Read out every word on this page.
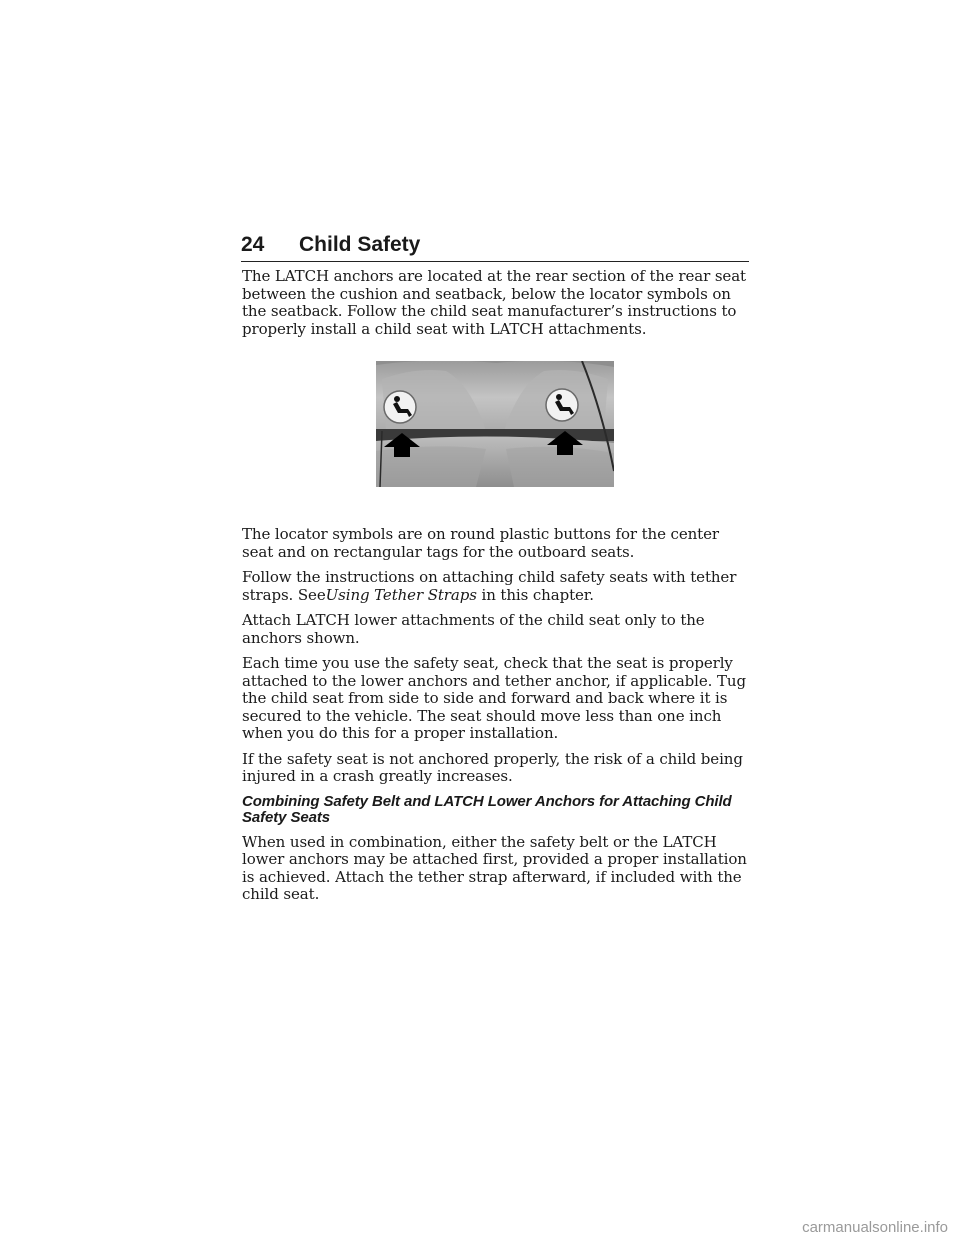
24 Child Safety

The LATCH anchors are located at the rear section of the rear seat between the cushion and seatback, below the locator symbols on the seatback. Follow the child seat manufacturer’s instructions to properly install a child seat with LATCH attachments.

The locator symbols are on round plastic buttons for the center seat and on rectangular tags for the outboard seats.

Follow the instructions on attaching child safety seats with tether straps. SeeUsing Tether Straps in this chapter.

Attach LATCH lower attachments of the child seat only to the anchors shown.

Each time you use the safety seat, check that the seat is properly attached to the lower anchors and tether anchor, if applicable. Tug the child seat from side to side and forward and back where it is secured to the vehicle. The seat should move less than one inch when you do this for a proper installation.

If the safety seat is not anchored properly, the risk of a child being injured in a crash greatly increases.

Combining Safety Belt and LATCH Lower Anchors for Attaching Child Safety Seats

When used in combination, either the safety belt or the LATCH lower anchors may be attached first, provided a proper installation is achieved. Attach the tether strap afterward, if included with the child seat.

carmanualsonline.info
